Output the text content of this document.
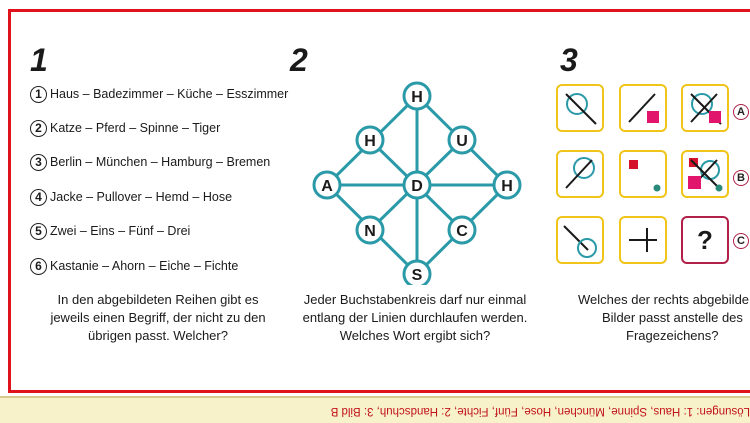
1
1 Haus – Badezimmer – Küche – Esszimmer
2 Katze – Pferd – Spinne – Tiger
3 Berlin – München – Hamburg – Bremen
4 Jacke – Pullover – Hemd – Hose
5 Zwei – Eins – Fünf – Drei
6 Kastanie – Ahorn – Eiche – Fichte
In den abgebildeten Reihen gibt es
jeweils einen Begriff, der nicht zu den
übrigen passt. Welcher?
2
H
H	U
A	D	H
N	C
S
Jeder Buchstabenkreis darf nur einmal
entlang der Linien durchlaufen werden.
Welches Wort ergibt sich?
3
A
B
?	C
Welches der rechts abgebilde
Bilder passt anstelle des
Fragezeichens?
Lösungen: 1: Haus, Spinne, München, Hose, Fünf, Fichte, 2: Handschuh, 3: Bild B
